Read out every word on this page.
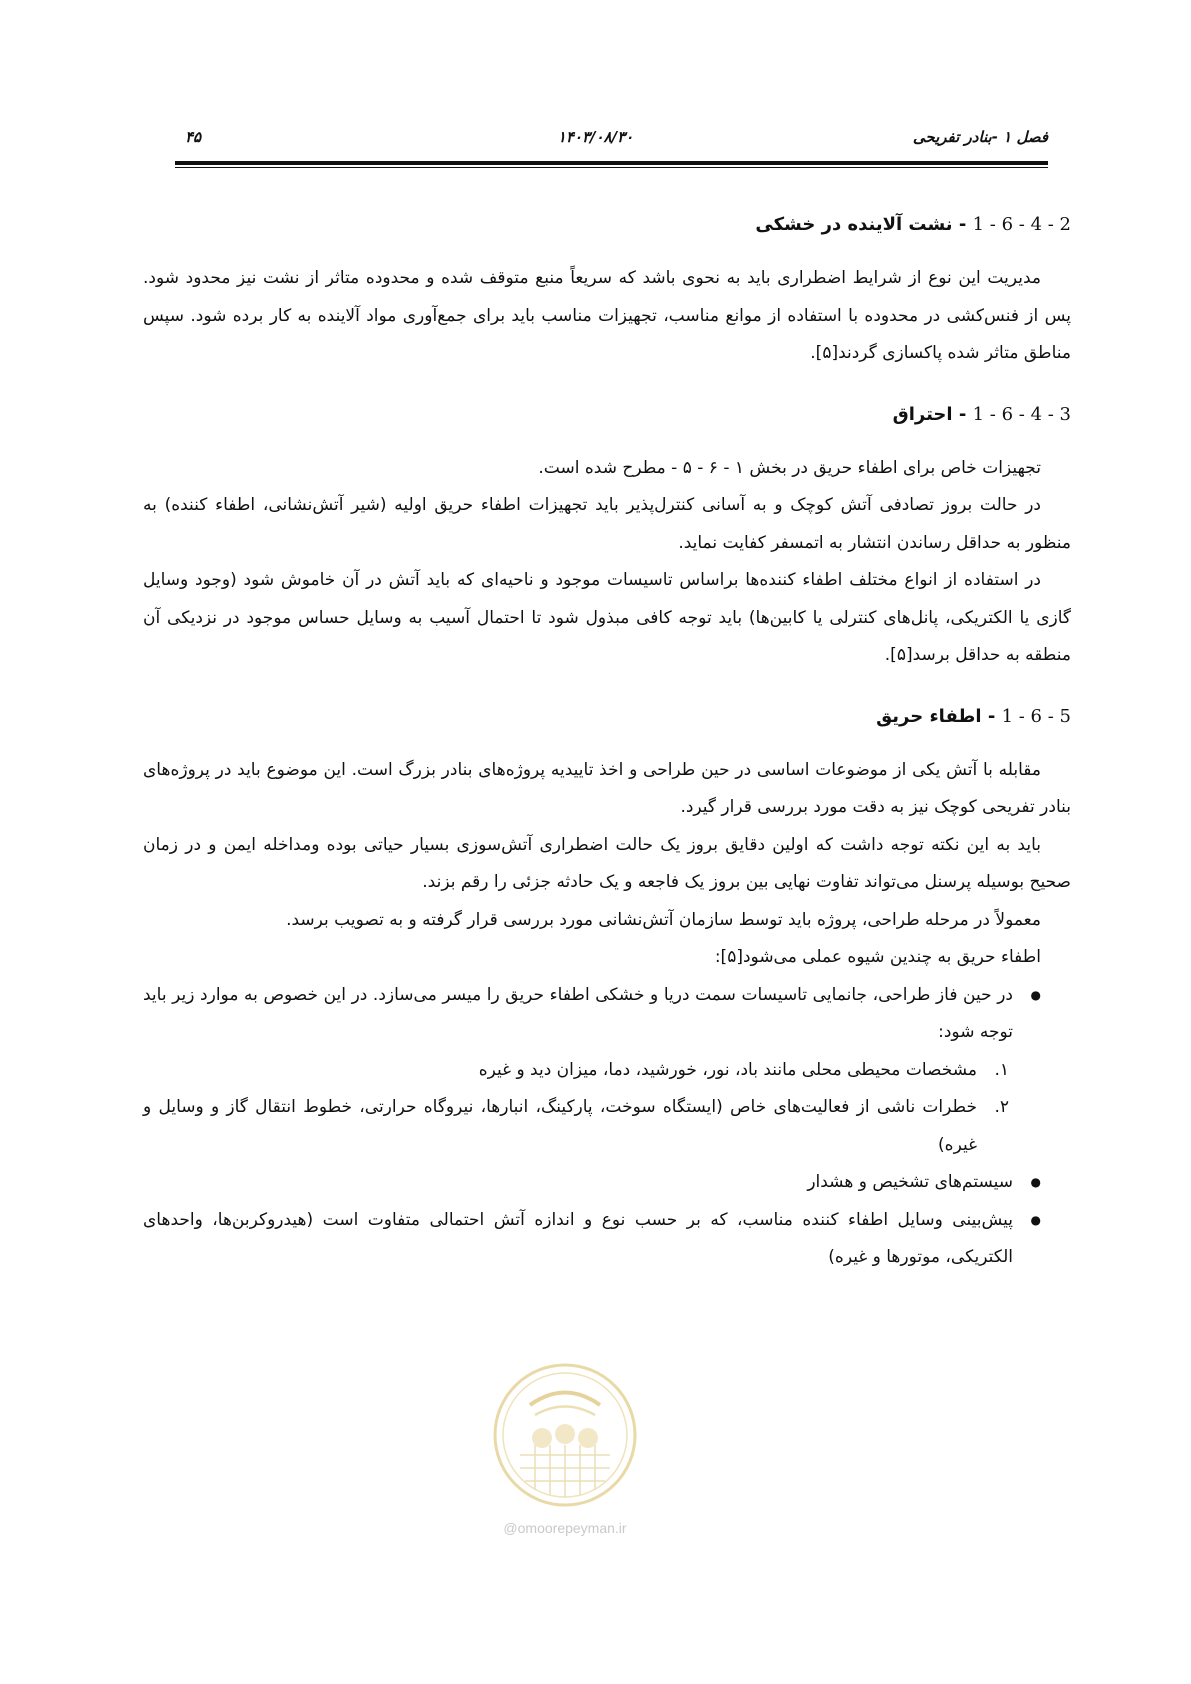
فصل ۱ -بنادر تفریحی
۱۴۰۳/۰۸/۳۰
۴۵
1 - 6 - 4 - 2 - نشت آلاینده در خشکی

مدیریت این نوع از شرایط اضطراری باید به نحوی باشد که سریعاً منبع متوقف شده و محدوده متاثر از نشت نیز محدود شود. پس از فنس‌کشی در محدوده با استفاده از موانع مناسب، تجهیزات مناسب باید برای جمع‌آوری مواد آلاینده به کار برده شود. سپس مناطق متاثر شده پاکسازی گردند[۵].

1 - 6 - 4 - 3 - احتراق

تجهیزات خاص برای اطفاء حریق در بخش ۱ - ۶ - ۵ - مطرح شده است.

در حالت بروز تصادفی آتش کوچک و به آسانی کنترل‌پذیر باید تجهیزات اطفاء حریق اولیه (شیر آتش‌نشانی، اطفاء کننده) به منظور به حداقل رساندن انتشار به اتمسفر کفایت نماید.

در استفاده از انواع مختلف اطفاء کننده‌ها براساس تاسیسات موجود و ناحیه‌ای که باید آتش در آن خاموش شود (وجود وسایل گازی یا الکتریکی، پانل‌های کنترلی یا کابین‌ها) باید توجه کافی مبذول شود تا احتمال آسیب به وسایل حساس موجود در نزدیکی آن منطقه به حداقل برسد[۵].

1 - 6 - 5 - اطفاء حریق

مقابله با آتش یکی از موضوعات اساسی در حین طراحی و اخذ تاییدیه پروژه‌های بنادر بزرگ است. این موضوع باید در پروژه‌های بنادر تفریحی کوچک نیز به دقت مورد بررسی قرار گیرد.

باید به این نکته توجه داشت که اولین دقایق بروز یک حالت اضطراری آتش‌سوزی بسیار حیاتی بوده ومداخله ایمن و در زمان صحیح بوسیله پرسنل می‌تواند تفاوت نهایی بین بروز یک فاجعه و یک حادثه جزئی را رقم بزند.

معمولاً در مرحله طراحی، پروژه باید توسط سازمان آتش‌نشانی مورد بررسی قرار گرفته و به تصویب برسد.

اطفاء حریق به چندین شیوه عملی می‌شود[۵]:

● در حین فاز طراحی، جانمایی تاسیسات سمت دریا و خشکی اطفاء حریق را میسر می‌سازد. در این خصوص به موارد زیر باید توجه شود:
۱.
مشخصات محیطی محلی مانند باد، نور، خورشید، دما، میزان دید و غیره
۲.
خطرات ناشی از فعالیت‌های خاص (ایستگاه سوخت، پارکینگ، انبارها، نیروگاه حرارتی، خطوط انتقال گاز و وسایل و غیره)
● سیستم‌های تشخیص و هشدار
● پیش‌بینی وسایل اطفاء کننده مناسب، که بر حسب نوع و اندازه آتش احتمالی متفاوت است (هیدروکربن‌ها، واحدهای الکتریکی، موتورها و غیره)
@omoorepeyman.ir
